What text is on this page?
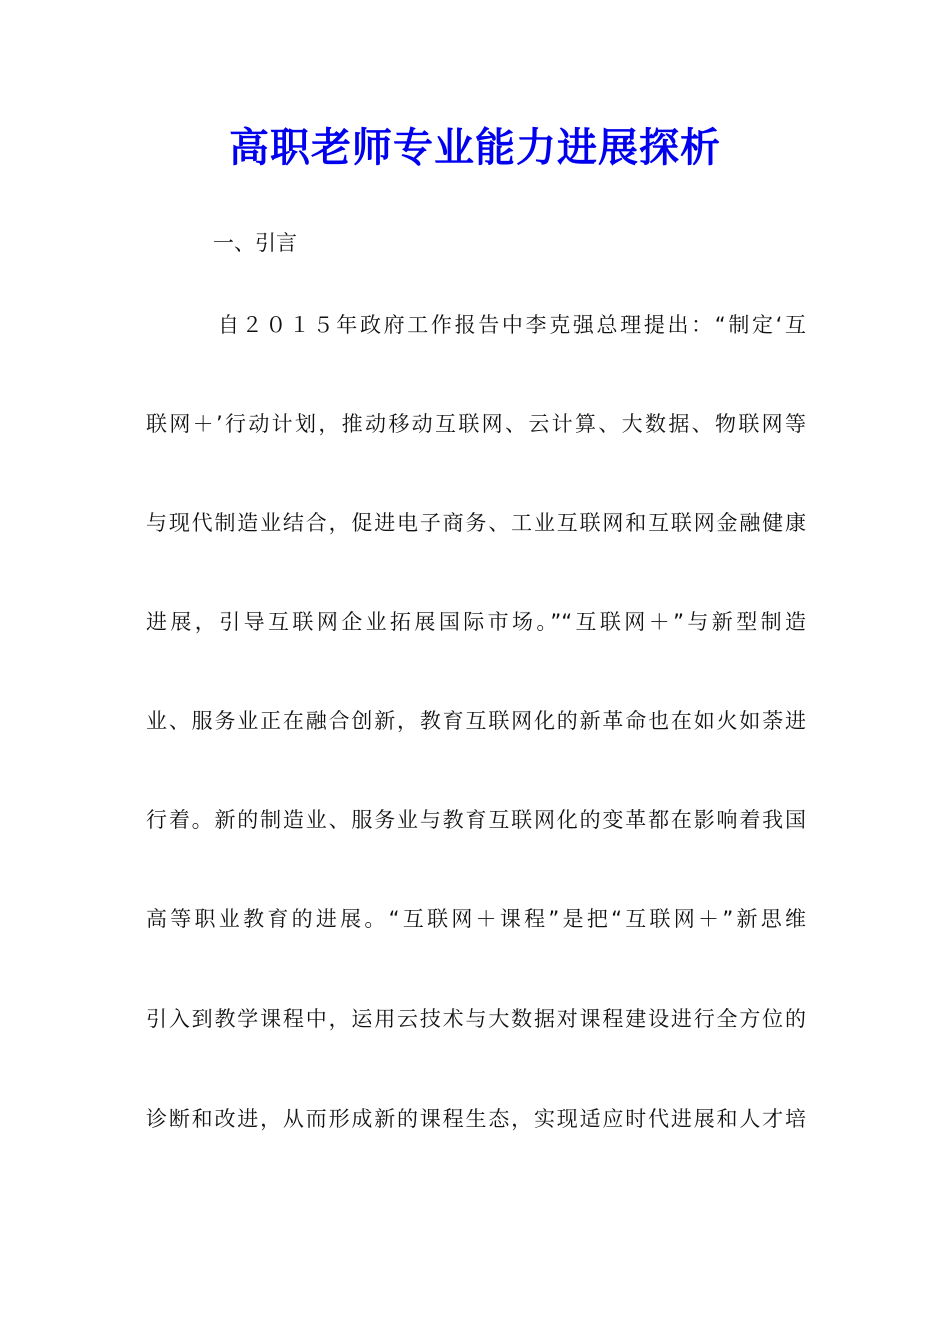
高职老师专业能力进展探析
一、引言
自２０１５年政府工作报告中李克强总理提出：“制定‘互
联网＋’行动计划，推动移动互联网、云计算、大数据、物联网等
与现代制造业结合，促进电子商务、工业互联网和互联网金融健康
进展，引导互联网企业拓展国际市场。”“互联网＋”与新型制造
业、服务业正在融合创新，教育互联网化的新革命也在如火如荼进
行着。新的制造业、服务业与教育互联网化的变革都在影响着我国
高等职业教育的进展。“互联网＋课程”是把“互联网＋”新思维
引入到教学课程中，运用云技术与大数据对课程建设进行全方位的
诊断和改进，从而形成新的课程生态，实现适应时代进展和人才培
